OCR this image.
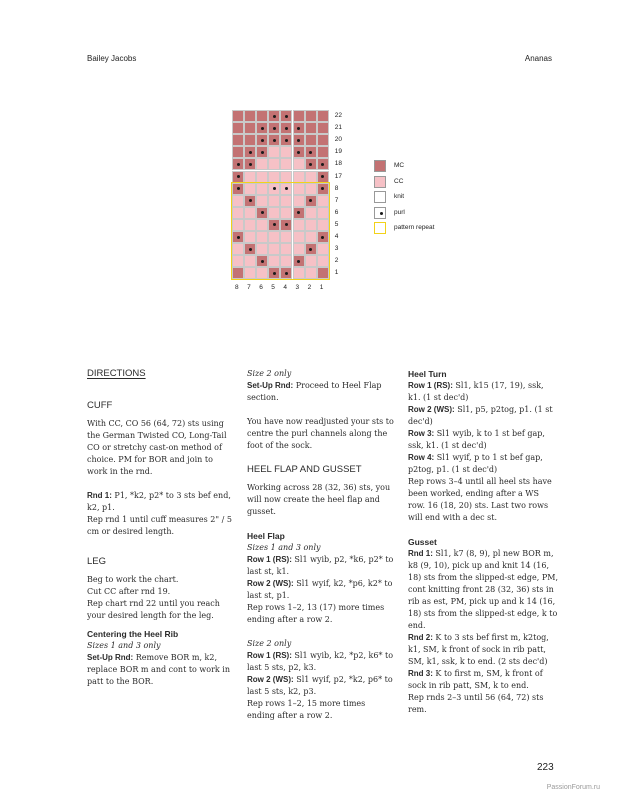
Bailey Jacobs	Ananas
22
21
20
19
18
17
8
7
6
5
4
3
2
1
8 7 6 5 4 3 2 1
MC
CC
knit
purl
pattern repeat

DIRECTIONS

CUFF

With CC, CO 56 (64, 72) sts using the German Twisted CO, Long-Tail CO or stretchy cast-on method of choice. PM for BOR and join to work in the rnd.

Rnd 1: P1, *k2, p2* to 3 sts bef end, k2, p1.

Rep rnd 1 until cuff measures 2" / 5 cm or desired length.

LEG

Beg to work the chart.
Cut CC after rnd 19.
Rep chart rnd 22 until you reach your desired length for the leg.

Centering the Heel Rib

Sizes 1 and 3 only

Set-Up Rnd: Remove BOR m, k2, replace BOR m and cont to work in patt to the BOR.

Size 2 only

Set-Up Rnd: Proceed to Heel Flap section.

You have now readjusted your sts to centre the purl channels along the foot of the sock.

HEEL FLAP AND GUSSET

Working across 28 (32, 36) sts, you will now create the heel flap and gusset.

Heel Flap

Sizes 1 and 3 only

Row 1 (RS): Sl1 wyib, p2, *k6, p2* to last st, k1.

Row 2 (WS): Sl1 wyif, k2, *p6, k2* to last st, p1.

Rep rows 1–2, 13 (17) more times ending after a row 2.

Size 2 only

Row 1 (RS): Sl1 wyib, k2, *p2, k6* to last 5 sts, p2, k3.

Row 2 (WS): Sl1 wyif, p2, *k2, p6* to last 5 sts, k2, p3.

Rep rows 1–2, 15 more times ending after a row 2.

Heel Turn

Row 1 (RS): Sl1, k15 (17, 19), ssk, k1. (1 st dec'd)

Row 2 (WS): Sl1, p5, p2tog, p1. (1 st dec'd)

Row 3: Sl1 wyib, k to 1 st bef gap, ssk, k1. (1 st dec'd)

Row 4: Sl1 wyif, p to 1 st bef gap, p2tog, p1. (1 st dec'd)

Rep rows 3–4 until all heel sts have been worked, ending after a WS row. 16 (18, 20) sts. Last two rows will end with a dec st.

Gusset

Rnd 1: Sl1, k7 (8, 9), pl new BOR m, k8 (9, 10), pick up and knit 14 (16, 18) sts from the slipped-st edge, PM, cont knitting front 28 (32, 36) sts in rib as est, PM, pick up and k 14 (16, 18) sts from the slipped-st edge, k to end.

Rnd 2: K to 3 sts bef first m, k2tog, k1, SM, k front of sock in rib patt, SM, k1, ssk, k to end. (2 sts dec'd)

Rnd 3: K to first m, SM, k front of sock in rib patt, SM, k to end.

Rep rnds 2–3 until 56 (64, 72) sts rem.

223
PassionForum.ru
